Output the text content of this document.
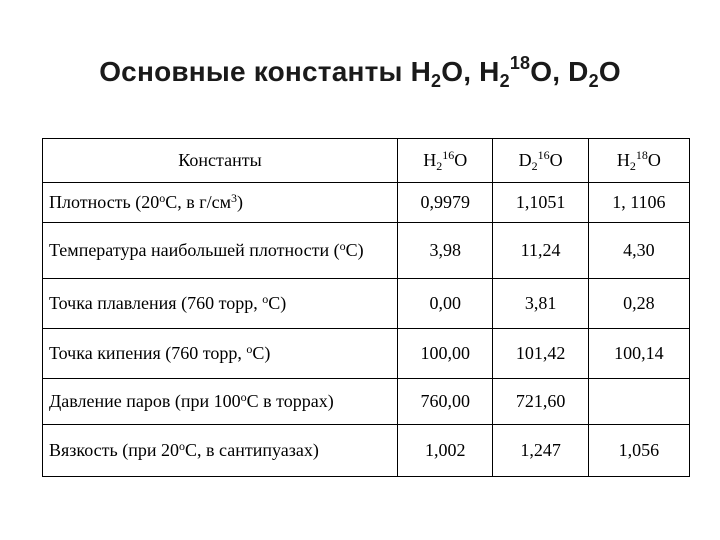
Основные константы $H_2O$, $H_2^{18}O$, $D_2O$
Константы	$H_2^{16}O$	$D_2^{16}O$	$H_2^{18}O$
Плотность (20$^o$С, в $г/см^3$)	0,9979	1,1051	1, 1106
Температура наибольшей плотности ($^o$С)	3,98	11,24	4,30
Точка плавления (760 торр, $^o$С)	0,00	3,81	0,28
Точка кипения (760 торр, $^o$С)	100,00	101,42	100,14
Давление паров (при 100$^o$С в торрах)	760,00	721,60	
Вязкость (при 20$^o$С, в сантипуазах)	1,002	1,247	1,056
